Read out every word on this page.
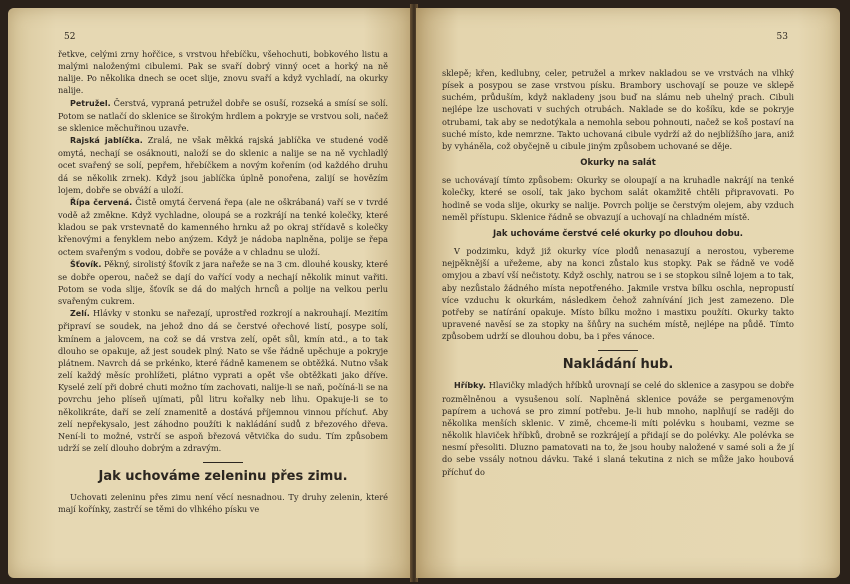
52

řetkve, celými zrny hořčice, s vrstvou hřebíčku, všehochuti, bobkového listu a malými naloženými cibulemi. Pak se svaří dobrý vinný ocet a horký na ně nalije. Po několika dnech se ocet slije, znovu svaří a když vychladí, na okurky nalije.

Petružel. Čerstvá, vypraná petružel dobře se osuší, rozseká a smísí se solí. Potom se natlačí do sklenice se širokým hrdlem a pokryje se vrstvou soli, načež se sklenice měchuřinou uzavře.

Rajská jablíčka. Zralá, ne však měkká rajská jablíčka ve studené vodě omytá, nechají se osáknouti, naloží se do sklenic a nalije se na ně vychladlý ocet svařený se solí, pepřem, hřebíčkem a novým kořením (od každého druhu dá se několik zrnek). Když jsou jablíčka úplně ponořena, zalijí se hovězím lojem, dobře se obváží a uloží.

Řípa červená. Čistě omytá červená řepa (ale ne oškrábaná) vaří se v tvrdé vodě až změkne. Když vychladne, oloupá se a rozkrájí na tenké kolečky, které kladou se pak vrstevnatě do kamenného hrnku až po okraj střídavě s kolečky křenovými a fenyklem nebo anýzem. Když je nádoba naplněna, polije se řepa octem svařeným s vodou, dobře se pováže a v chladnu se uloží.

Šťovík. Pěkný, sirolistý šťovík z jara nařeže se na 3 cm. dlouhé kousky, které se dobře operou, načež se dají do vařící vody a nechají několik minut vařiti. Potom se voda slije, šťovík se dá do malých hrnců a polije na velkou perlu svařeným cukrem.

Zelí. Hlávky v stonku se nařezají, uprostřed rozkrojí a nakrouhají. Mezitím připraví se soudek, na jehož dno dá se čerstvé ořechové listí, posype solí, kmínem a jalovcem, na což se dá vrstva zelí, opět sůl, kmín atd., a to tak dlouho se opakuje, až jest soudek plný. Nato se vše řádně upěchuje a pokryje plátnem. Navrch dá se prkénko, které řádně kamenem se obtěžká. Nutno však zelí každý měsíc prohlížeti, plátno vyprati a opět vše obtěžkati jako dříve. Kyselé zelí při dobré chuti možno tím zachovati, nalije-li se naň, počíná-li se na povrchu jeho plíseň ujímati, půl litru kořalky neb lihu. Opakuje-li se to několikráte, daří se zelí znamenitě a dostává příjemnou vinnou příchuť. Aby zelí nepřekysalo, jest záhodno použíti k nakládání sudů z březového dřeva. Není-li to možné, vstrčí se aspoň březová větvička do sudu. Tím způsobem udrží se zelí dlouho dobrým a zdravým.

Jak uchováme zeleninu přes zimu.

Uchovati zeleninu přes zimu není věcí nesnadnou. Ty druhy zelenin, které mají kořínky, zastrčí se těmi do vlhkého písku ve

53

sklepě; křen, kedlubny, celer, petružel a mrkev nakladou se ve vrstvách na vlhký písek a posypou se zase vrstvou písku. Brambory uschovají se pouze ve sklepě suchém, průduším, když nakladeny jsou buď na slámu neb uhelný prach. Cibuli nejlépe lze uschovati v suchých otrubách. Naklade se do košíku, kde se pokryje otrubami, tak aby se nedotýkala a nemohla sebou pohnouti, načež se koš postaví na suché místo, kde nemrzne. Takto uchovaná cibule vydrží až do nejblížšího jara, aniž by vyháněla, což obyčejně u cibule jiným způsobem uchované se děje.

Okurky na salát

se uchovávají tímto způsobem: Okurky se oloupají a na kruhadle nakrájí na tenké kolečky, které se osolí, tak jako bychom salát okamžitě chtěli připravovati. Po hodině se voda slije, okurky se nalije. Povrch polije se čerstvým olejem, aby vzduch neměl přístupu. Sklenice řádně se obvazují a uchovají na chladném místě.

Jak uchováme čerstvé celé okurky po dlouhou dobu.

V podzimku, když již okurky více plodů nenasazují a nerostou, vybereme nejpěknější a uřežeme, aby na konci zůstalo kus stopky. Pak se řádně ve vodě omyjou a zbaví vší nečistoty. Když oschly, natrou se i se stopkou silně lojem a to tak, aby nezůstalo žádného místa nepotřeného. Jakmile vrstva bílku oschla, nepropustí více vzduchu k okurkám, následkem čehož zahnívání jich jest zamezeno. Dle potřeby se natírání opakuje. Místo bílku možno i mastixu použíti. Okurky takto upravené navěsí se za stopky na šňůry na suchém místě, nejlépe na půdě. Tímto způsobem udrží se dlouhou dobu, ba i přes vánoce.

Nakládání hub.

Hříbky. Hlavičky mladých hříbků urovnají se celé do sklenice a zasypou se dobře rozmělněnou a vysušenou solí. Naplněná sklenice pováže se pergamenovým papírem a uchová se pro zimní potřebu. Je-li hub mnoho, naplňují se raději do několika menších sklenic. V zimě, chceme-li míti polévku s houbami, vezme se několik hlaviček hříbků, drobně se rozkrájejí a přidají se do polévky. Ale polévka se nesmí přesoliti. Dluzno pamatovati na to, že jsou houby naložené v samé soli a že jí do sebe vssály notnou dávku. Také i slaná tekutina z nich se může jako houbová příchuť do
